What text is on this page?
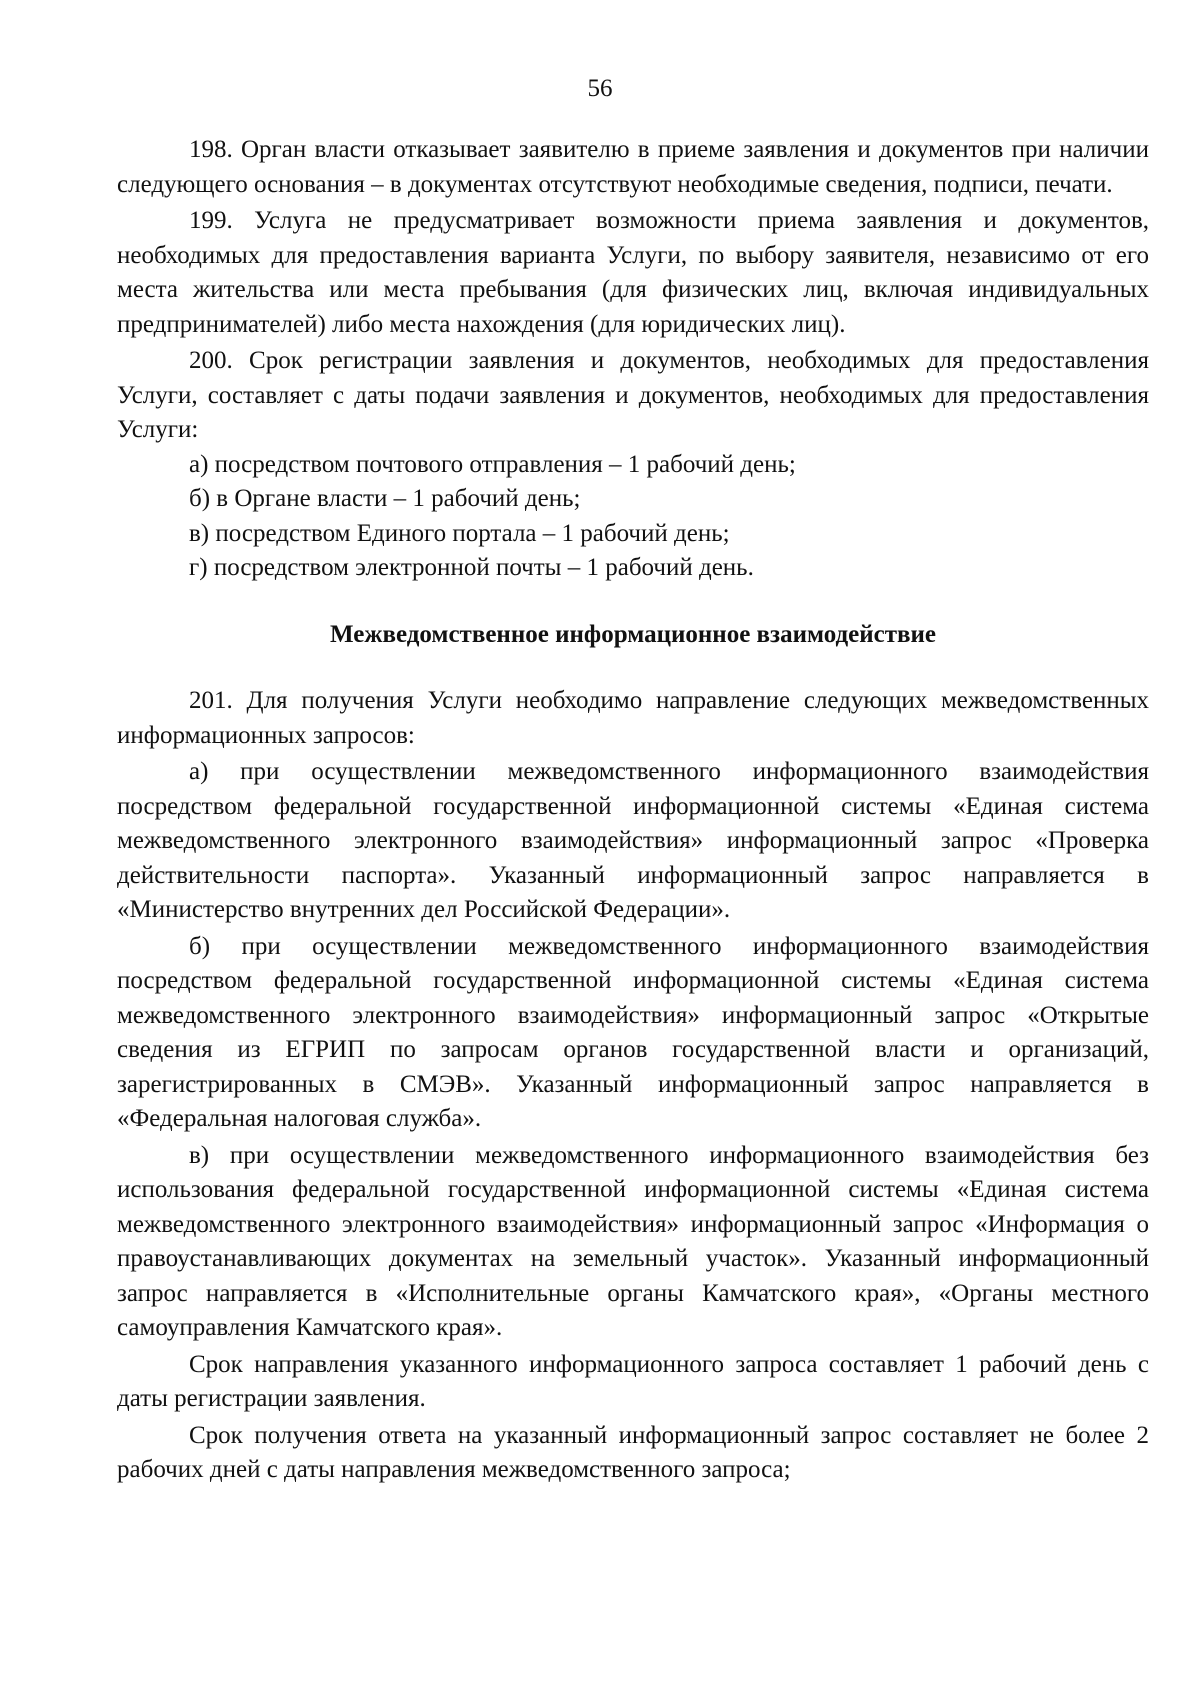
56

198. Орган власти отказывает заявителю в приеме заявления и документов при наличии следующего основания – в документах отсутствуют необходимые сведения, подписи, печати.

199. Услуга не предусматривает возможности приема заявления и документов, необходимых для предоставления варианта Услуги, по выбору заявителя, независимо от его места жительства или места пребывания (для физических лиц, включая индивидуальных предпринимателей) либо места нахождения (для юридических лиц).

200. Срок регистрации заявления и документов, необходимых для предоставления Услуги, составляет с даты подачи заявления и документов, необходимых для предоставления Услуги:

а) посредством почтового отправления – 1 рабочий день;

б) в Органе власти – 1 рабочий день;

в) посредством Единого портала – 1 рабочий день;

г) посредством электронной почты – 1 рабочий день.

Межведомственное информационное взаимодействие

201. Для получения Услуги необходимо направление следующих межведомственных информационных запросов:

а) при осуществлении межведомственного информационного взаимодействия посредством федеральной государственной информационной системы «Единая система межведомственного электронного взаимодействия» информационный запрос «Проверка действительности паспорта». Указанный информационный запрос направляется в «Министерство внутренних дел Российской Федерации».

б) при осуществлении межведомственного информационного взаимодействия посредством федеральной государственной информационной системы «Единая система межведомственного электронного взаимодействия» информационный запрос «Открытые сведения из ЕГРИП по запросам органов государственной власти и организаций, зарегистрированных в СМЭВ». Указанный информационный запрос направляется в «Федеральная налоговая служба».

в) при осуществлении межведомственного информационного взаимодействия без использования федеральной государственной информационной системы «Единая система межведомственного электронного взаимодействия» информационный запрос «Информация о правоустанавливающих документах на земельный участок». Указанный информационный запрос направляется в «Исполнительные органы Камчатского края», «Органы местного самоуправления Камчатского края».

Срок направления указанного информационного запроса составляет 1 рабочий день с даты регистрации заявления.

Срок получения ответа на указанный информационный запрос составляет не более 2 рабочих дней с даты направления межведомственного запроса;
